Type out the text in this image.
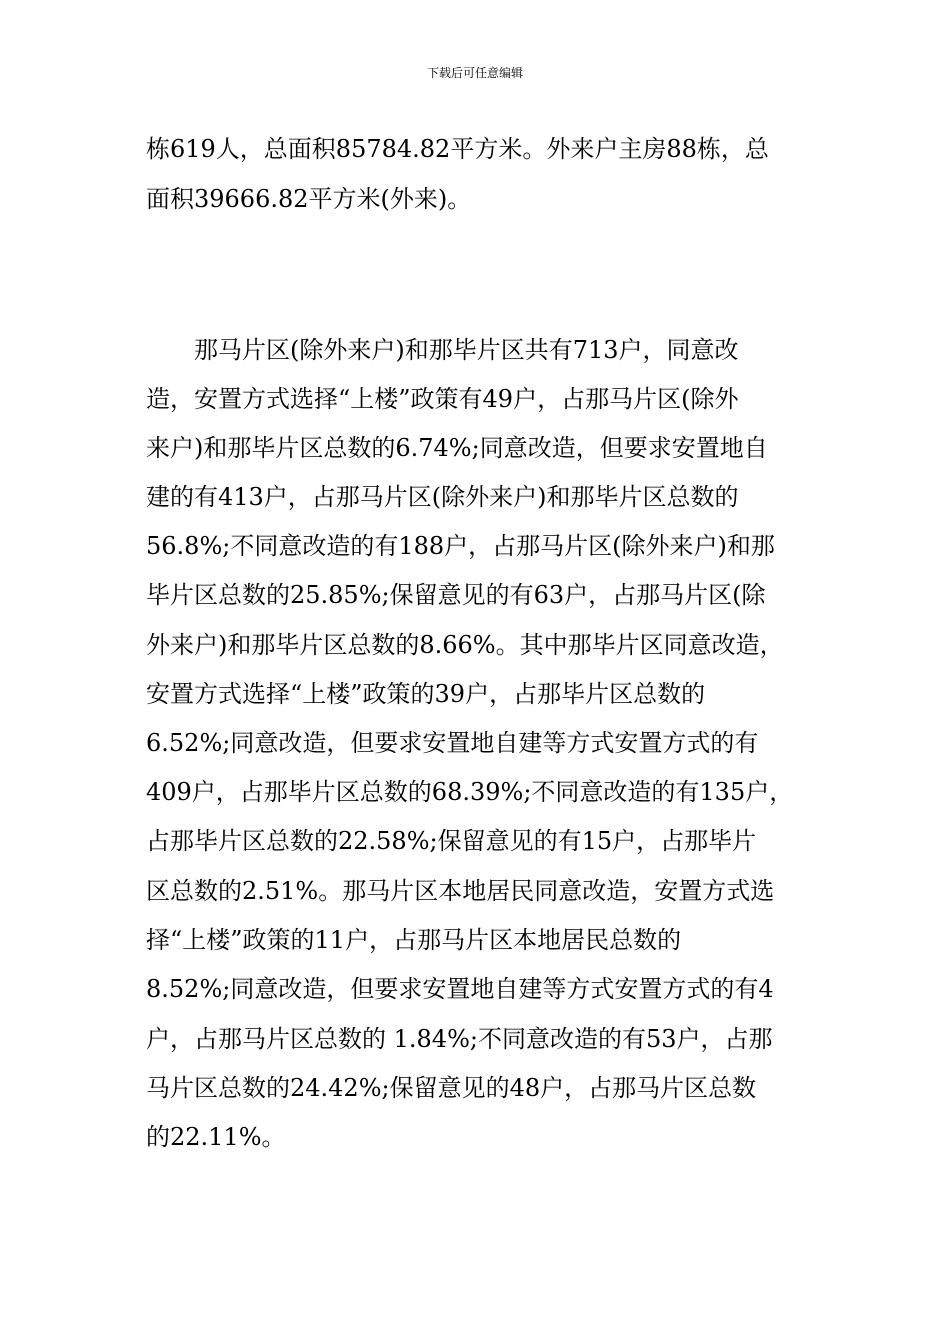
下载后可任意编辑
栋619人，总面积85784.82平方米。外来户主房88栋，总
面积39666.82平方米(外来)。
　　那马片区(除外来户)和那毕片区共有713户，同意改
造，安置方式选择“上楼”政策有49户，占那马片区(除外
来户)和那毕片区总数的6.74%;同意改造，但要求安置地自
建的有413户，占那马片区(除外来户)和那毕片区总数的
56.8%;不同意改造的有188户，占那马片区(除外来户)和那
毕片区总数的25.85%;保留意见的有63户，占那马片区(除
外来户)和那毕片区总数的8.66%。其中那毕片区同意改造，
安置方式选择“上楼”政策的39户，占那毕片区总数的
6.52%;同意改造，但要求安置地自建等方式安置方式的有
409户，占那毕片区总数的68.39%;不同意改造的有135户，
占那毕片区总数的22.58%;保留意见的有15户，占那毕片
区总数的2.51%。那马片区本地居民同意改造，安置方式选
择“上楼”政策的11户，占那马片区本地居民总数的
8.52%;同意改造，但要求安置地自建等方式安置方式的有4
户，占那马片区总数的 1.84%;不同意改造的有53户，占那
马片区总数的24.42%;保留意见的48户，占那马片区总数
的22.11%。
